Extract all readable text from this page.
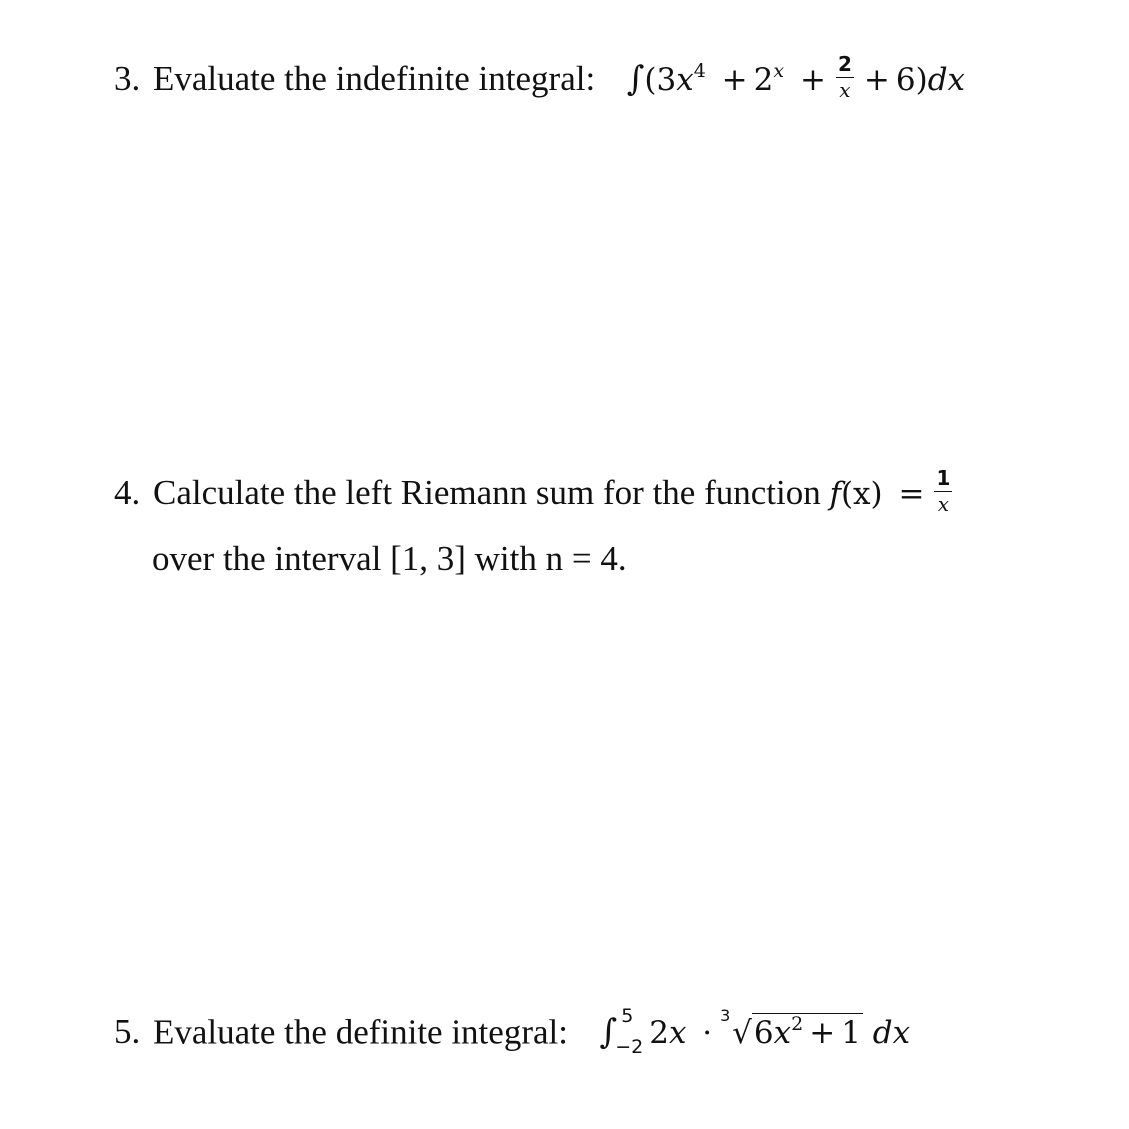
3. Evaluate the indefinite integral: $\int(3x^4 + 2^x + \frac{2}{x} + 6)dx$
4. Calculate the left Riemann sum for the function $f(x) = \frac{1}{x}$
over the interval [1, 3] with n = 4.
5. Evaluate the definite integral: ∫ 5
−2 2x · 3 $√6x^2 + 1$ dx
